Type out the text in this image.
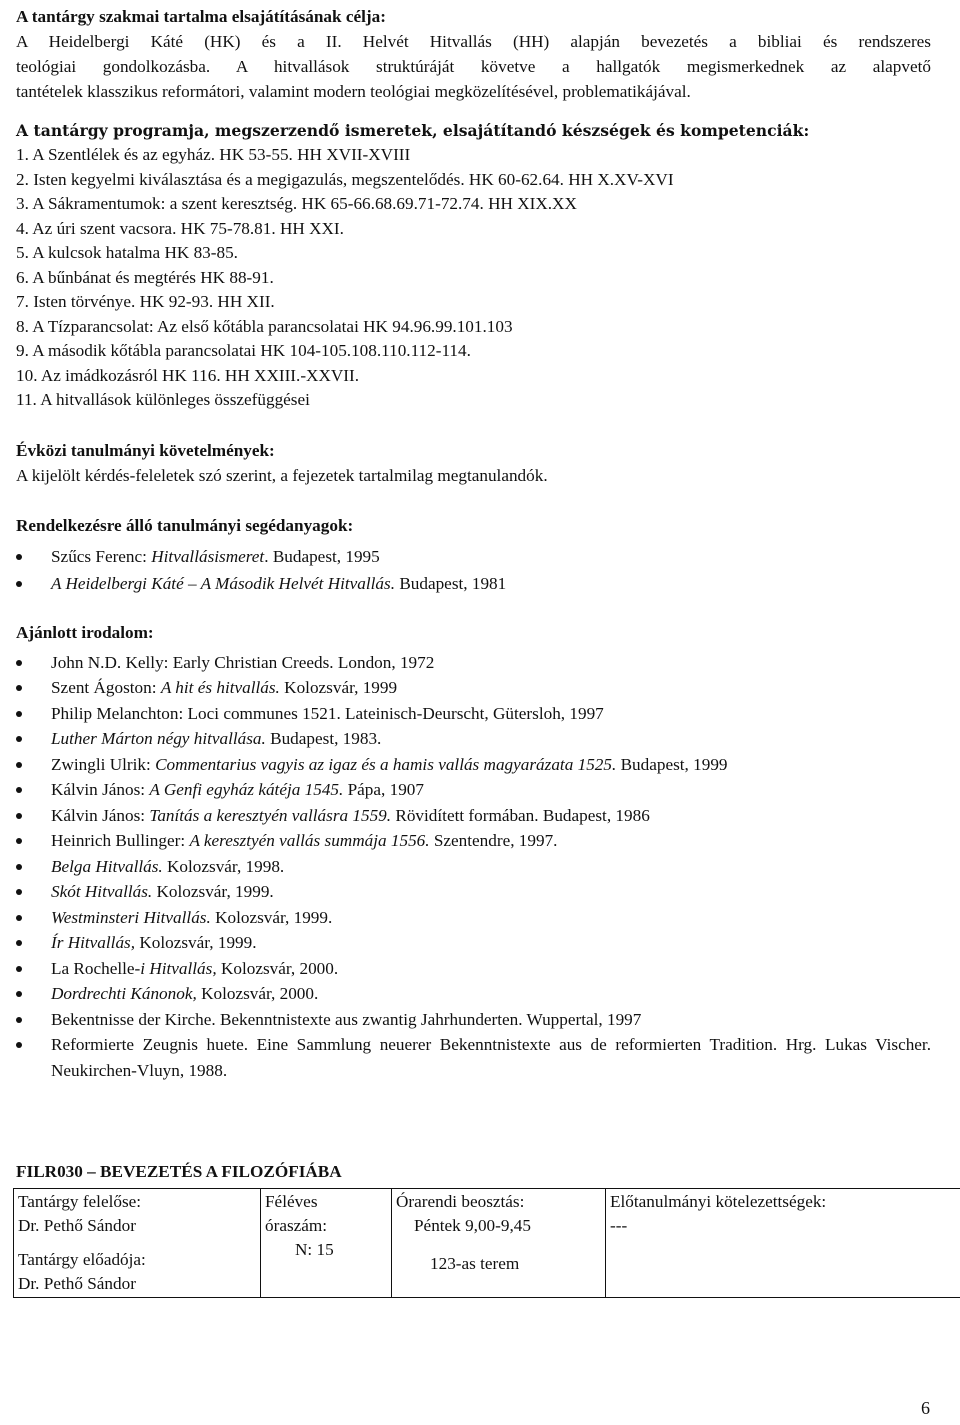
A tantárgy szakmai tartalma elsajátításának célja:

A Heidelbergi Káté (HK) és a II. Helvét Hitvallás (HH) alapján bevezetés a bibliai és rendszeres

teológiai gondolkozásba. A hitvallások struktúráját követve a hallgatók megismerkednek az alapvető

tantételek klasszikus reformátori, valamint modern teológiai megközelítésével, problematikájával.

A tantárgy programja, megszerzendő ismeretek, elsajátítandó készségek és kompetenciák:

1. A Szentlélek és az egyház. HK 53-55. HH XVII-XVIII

2. Isten kegyelmi kiválasztása és a megigazulás, megszentelődés. HK 60-62.64. HH X.XV-XVI

3. A Sákramentumok: a szent keresztség. HK 65-66.68.69.71-72.74. HH XIX.XX

4. Az úri szent vacsora. HK 75-78.81. HH XXI.

5. A kulcsok hatalma HK 83-85.

6. A bűnbánat és megtérés HK 88-91.

7. Isten törvénye. HK 92-93. HH XII.

8. A Tízparancsolat: Az első kőtábla parancsolatai HK 94.96.99.101.103

9. A második kőtábla parancsolatai HK 104-105.108.110.112-114.

10. Az imádkozásról HK 116. HH XXIII.-XXVII.

11. A hitvallások különleges összefüggései

Évközi tanulmányi követelmények:

A kijelölt kérdés-feleletek szó szerint, a fejezetek tartalmilag megtanulandók.

Rendelkezésre álló tanulmányi segédanyagok:

Szűcs Ferenc: Hitvallásismeret. Budapest, 1995
A Heidelbergi Káté – A Második Helvét Hitvallás. Budapest, 1981

Ajánlott irodalom:

John N.D. Kelly: Early Christian Creeds. London, 1972
Szent Ágoston: A hit és hitvallás. Kolozsvár, 1999
Philip Melanchton: Loci communes 1521. Lateinisch-Deurscht, Gütersloh, 1997
Luther Márton négy hitvallása. Budapest, 1983.
Zwingli Ulrik: Commentarius vagyis az igaz és a hamis vallás magyarázata 1525. Budapest, 1999
Kálvin János: A Genfi egyház kátéja 1545. Pápa, 1907
Kálvin János: Tanítás a keresztyén vallásra 1559. Rövidített formában. Budapest, 1986
Heinrich Bullinger: A keresztyén vallás summája 1556. Szentendre, 1997.
Belga Hitvallás. Kolozsvár, 1998.
Skót Hitvallás. Kolozsvár, 1999.
Westminsteri Hitvallás. Kolozsvár, 1999.
Ír Hitvallás, Kolozsvár, 1999.
La Rochelle-i Hitvallás, Kolozsvár, 2000.
Dordrechti Kánonok, Kolozsvár, 2000.
Bekentnisse der Kirche. Bekenntnistexte aus zwantig Jahrhunderten. Wuppertal, 1997
Reformierte Zeugnis huete. Eine Sammlung neuerer Bekenntnistexte aus de reformierten Tradition. Hrg. Lukas Vischer. Neukirchen-Vluyn, 1988.

FILR030 – BEVEZETÉS A FILOZÓFIÁBA

Tantárgy felelőse:
Dr. Pethő Sándor
Tantárgy előadója:
Dr. Pethő Sándor

Féléves
óraszám:
N: 15

Órarendi beosztás:
Péntek 9,00-9,45
123-as terem

Előtanulmányi kötelezettségek:
---
6
